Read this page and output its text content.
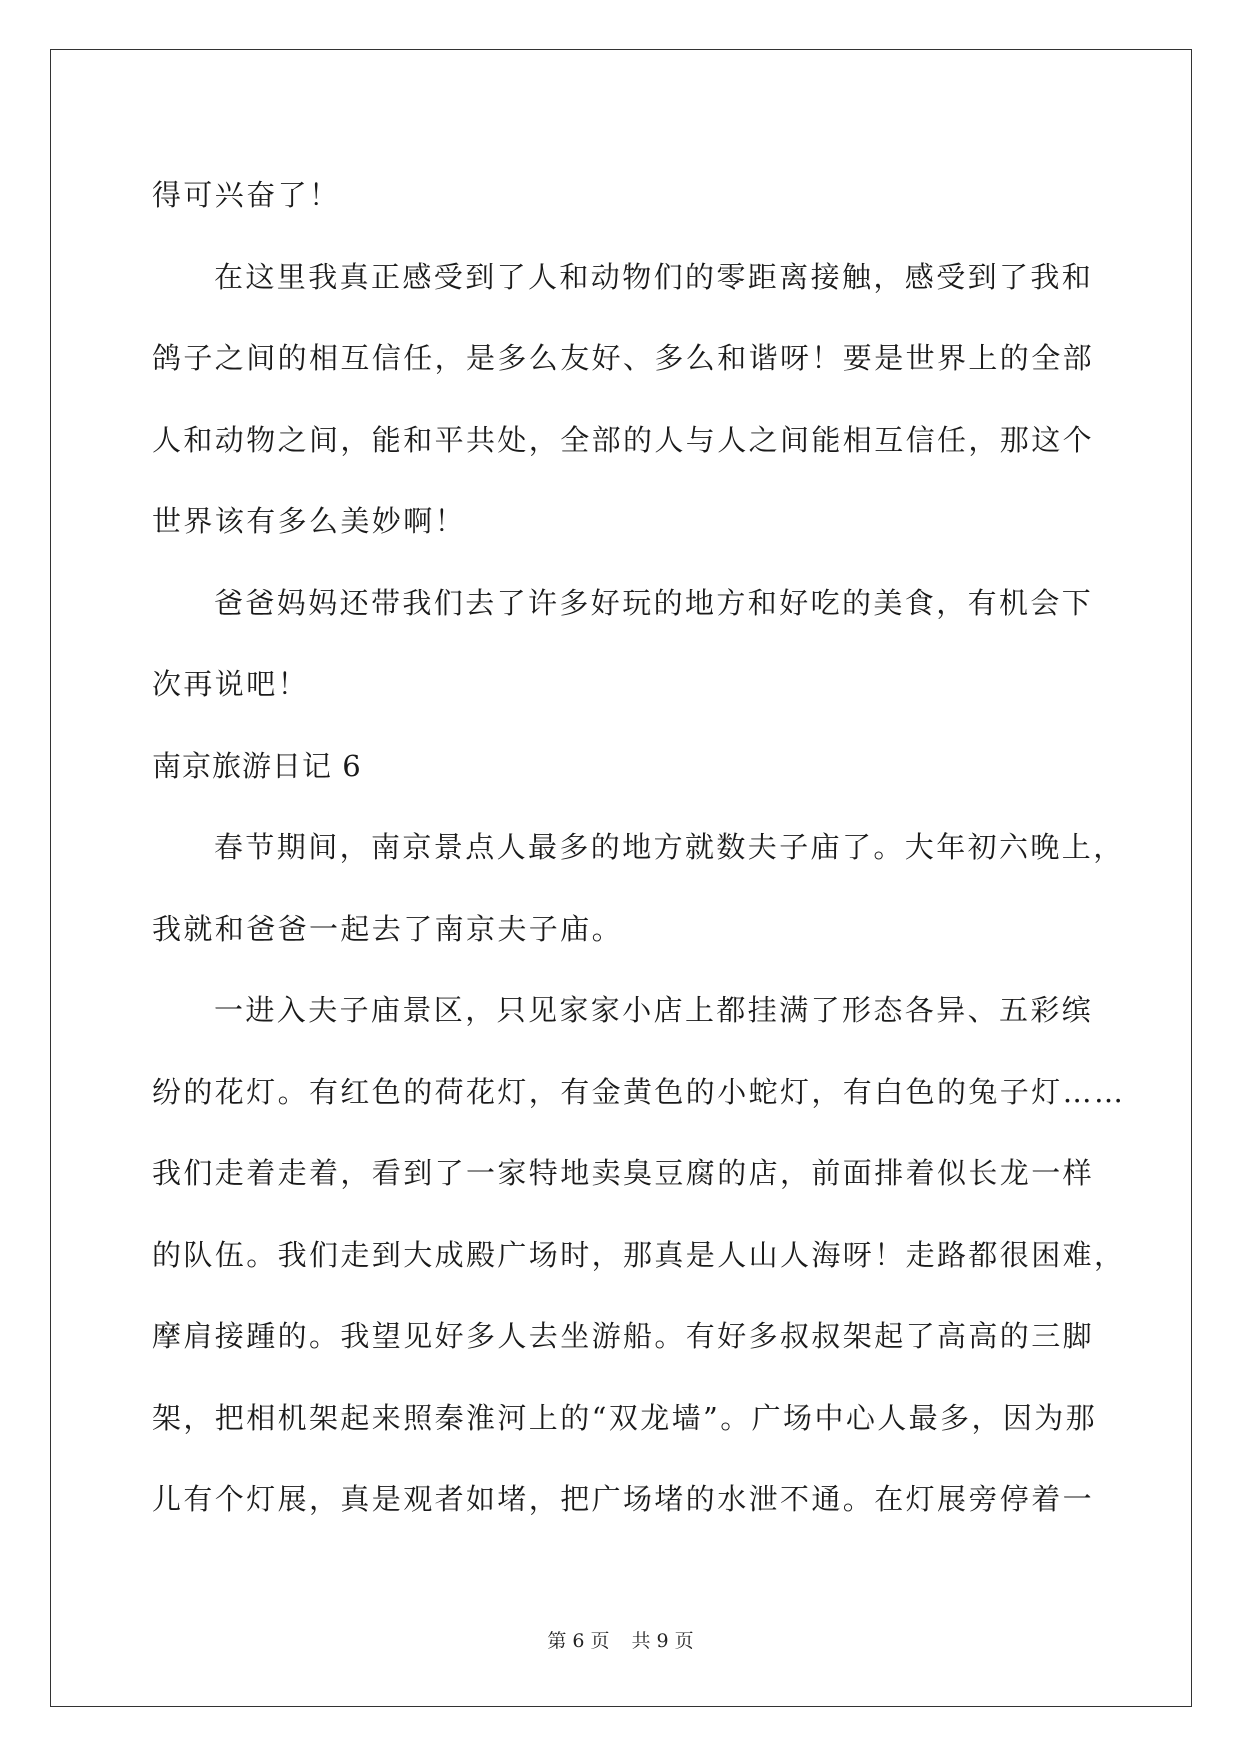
得可兴奋了！
在这里我真正感受到了人和动物们的零距离接触，感受到了我和
鸽子之间的相互信任，是多么友好、多么和谐呀！要是世界上的全部
人和动物之间，能和平共处，全部的人与人之间能相互信任，那这个
世界该有多么美妙啊！
爸爸妈妈还带我们去了许多好玩的地方和好吃的美食，有机会下
次再说吧！
南京旅游日记 6
春节期间，南京景点人最多的地方就数夫子庙了。大年初六晚上，
我就和爸爸一起去了南京夫子庙。
一进入夫子庙景区，只见家家小店上都挂满了形态各异、五彩缤
纷的花灯。有红色的荷花灯，有金黄色的小蛇灯，有白色的兔子灯……
我们走着走着，看到了一家特地卖臭豆腐的店，前面排着似长龙一样
的队伍。我们走到大成殿广场时，那真是人山人海呀！走路都很困难，
摩肩接踵的。我望见好多人去坐游船。有好多叔叔架起了高高的三脚
架，把相机架起来照秦淮河上的“双龙墙”。广场中心人最多，因为那
儿有个灯展，真是观者如堵，把广场堵的水泄不通。在灯展旁停着一
第 6 页 共 9 页
